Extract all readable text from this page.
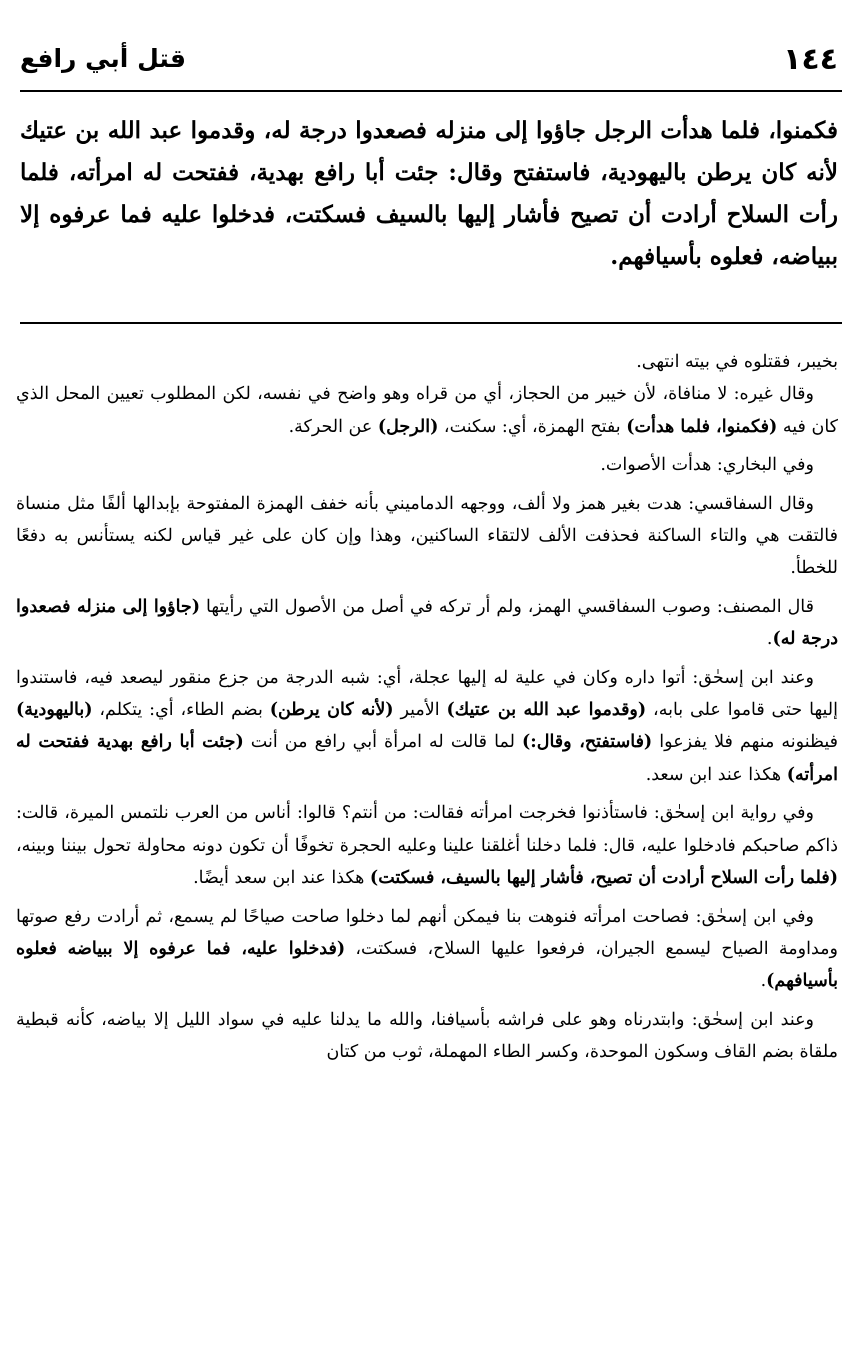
١٤٤
قتل أبي رافع
فكمنوا، فلما هدأت الرجل جاؤوا إلى منزله فصعدوا درجة له، وقدموا عبد الله بن عتيك لأنه كان يرطن باليهودية، فاستفتح وقال: جئت أبا رافع بهدية، ففتحت له امرأته، فلما رأت السلاح أرادت أن تصيح فأشار إليها بالسيف فسكتت، فدخلوا عليه فما عرفوه إلا ببياضه، فعلوه بأسيافهم.

بخيبر، فقتلوه في بيته انتهى.

وقال غيره: لا منافاة، لأن خيبر من الحجاز، أي من قراه وهو واضح في نفسه، لكن المطلوب تعيين المحل الذي كان فيه (فكمنوا، فلما هدأت) بفتح الهمزة، أي: سكنت، (الرجل) عن الحركة.

وفي البخاري: هدأت الأصوات.

وقال السفاقسي: هدت بغير همز ولا ألف، ووجهه الدماميني بأنه خفف الهمزة المفتوحة بإبدالها ألفًا مثل منساة فالتقت هي والتاء الساكنة فحذفت الألف لالتقاء الساكنين، وهذا وإن كان على غير قياس لكنه يستأنس به دفعًا للخطأ.

قال المصنف: وصوب السفاقسي الهمز، ولم أر تركه في أصل من الأصول التي رأيتها (جاؤوا إلى منزله فصعدوا درجة له).

وعند ابن إسحٰق: أتوا داره وكان في علية له إليها عجلة، أي: شبه الدرجة من جزع منقور ليصعد فيه، فاستندوا إليها حتى قاموا على بابه، (وقدموا عبد الله بن عتيك) الأمير (لأنه كان يرطن) بضم الطاء، أي: يتكلم، (باليهودية) فيظنونه منهم فلا يفزعوا (فاستفتح، وقال:) لما قالت له امرأة أبي رافع من أنت (جئت أبا رافع بهدية ففتحت له امرأته) هكذا عند ابن سعد.

وفي رواية ابن إسحٰق: فاستأذنوا فخرجت امرأته فقالت: من أنتم؟ قالوا: أناس من العرب نلتمس الميرة، قالت: ذاكم صاحبكم فادخلوا عليه، قال: فلما دخلنا أغلقنا علينا وعليه الحجرة تخوفًا أن تكون دونه محاولة تحول بيننا وبينه، (فلما رأت السلاح أرادت أن تصيح، فأشار إليها بالسيف، فسكتت) هكذا عند ابن سعد أيضًا.

وفي ابن إسحٰق: فصاحت امرأته فنوهت بنا فيمكن أنهم لما دخلوا صاحت صياحًا لم يسمع، ثم أرادت رفع صوتها ومداومة الصياح ليسمع الجيران، فرفعوا عليها السلاح، فسكتت، (فدخلوا عليه، فما عرفوه إلا ببياضه فعلوه بأسيافهم).

وعند ابن إسحٰق: وابتدرناه وهو على فراشه بأسيافنا، والله ما يدلنا عليه في سواد الليل إلا بياضه، كأنه قبطية ملقاة بضم القاف وسكون الموحدة، وكسر الطاء المهملة، ثوب من كتان
